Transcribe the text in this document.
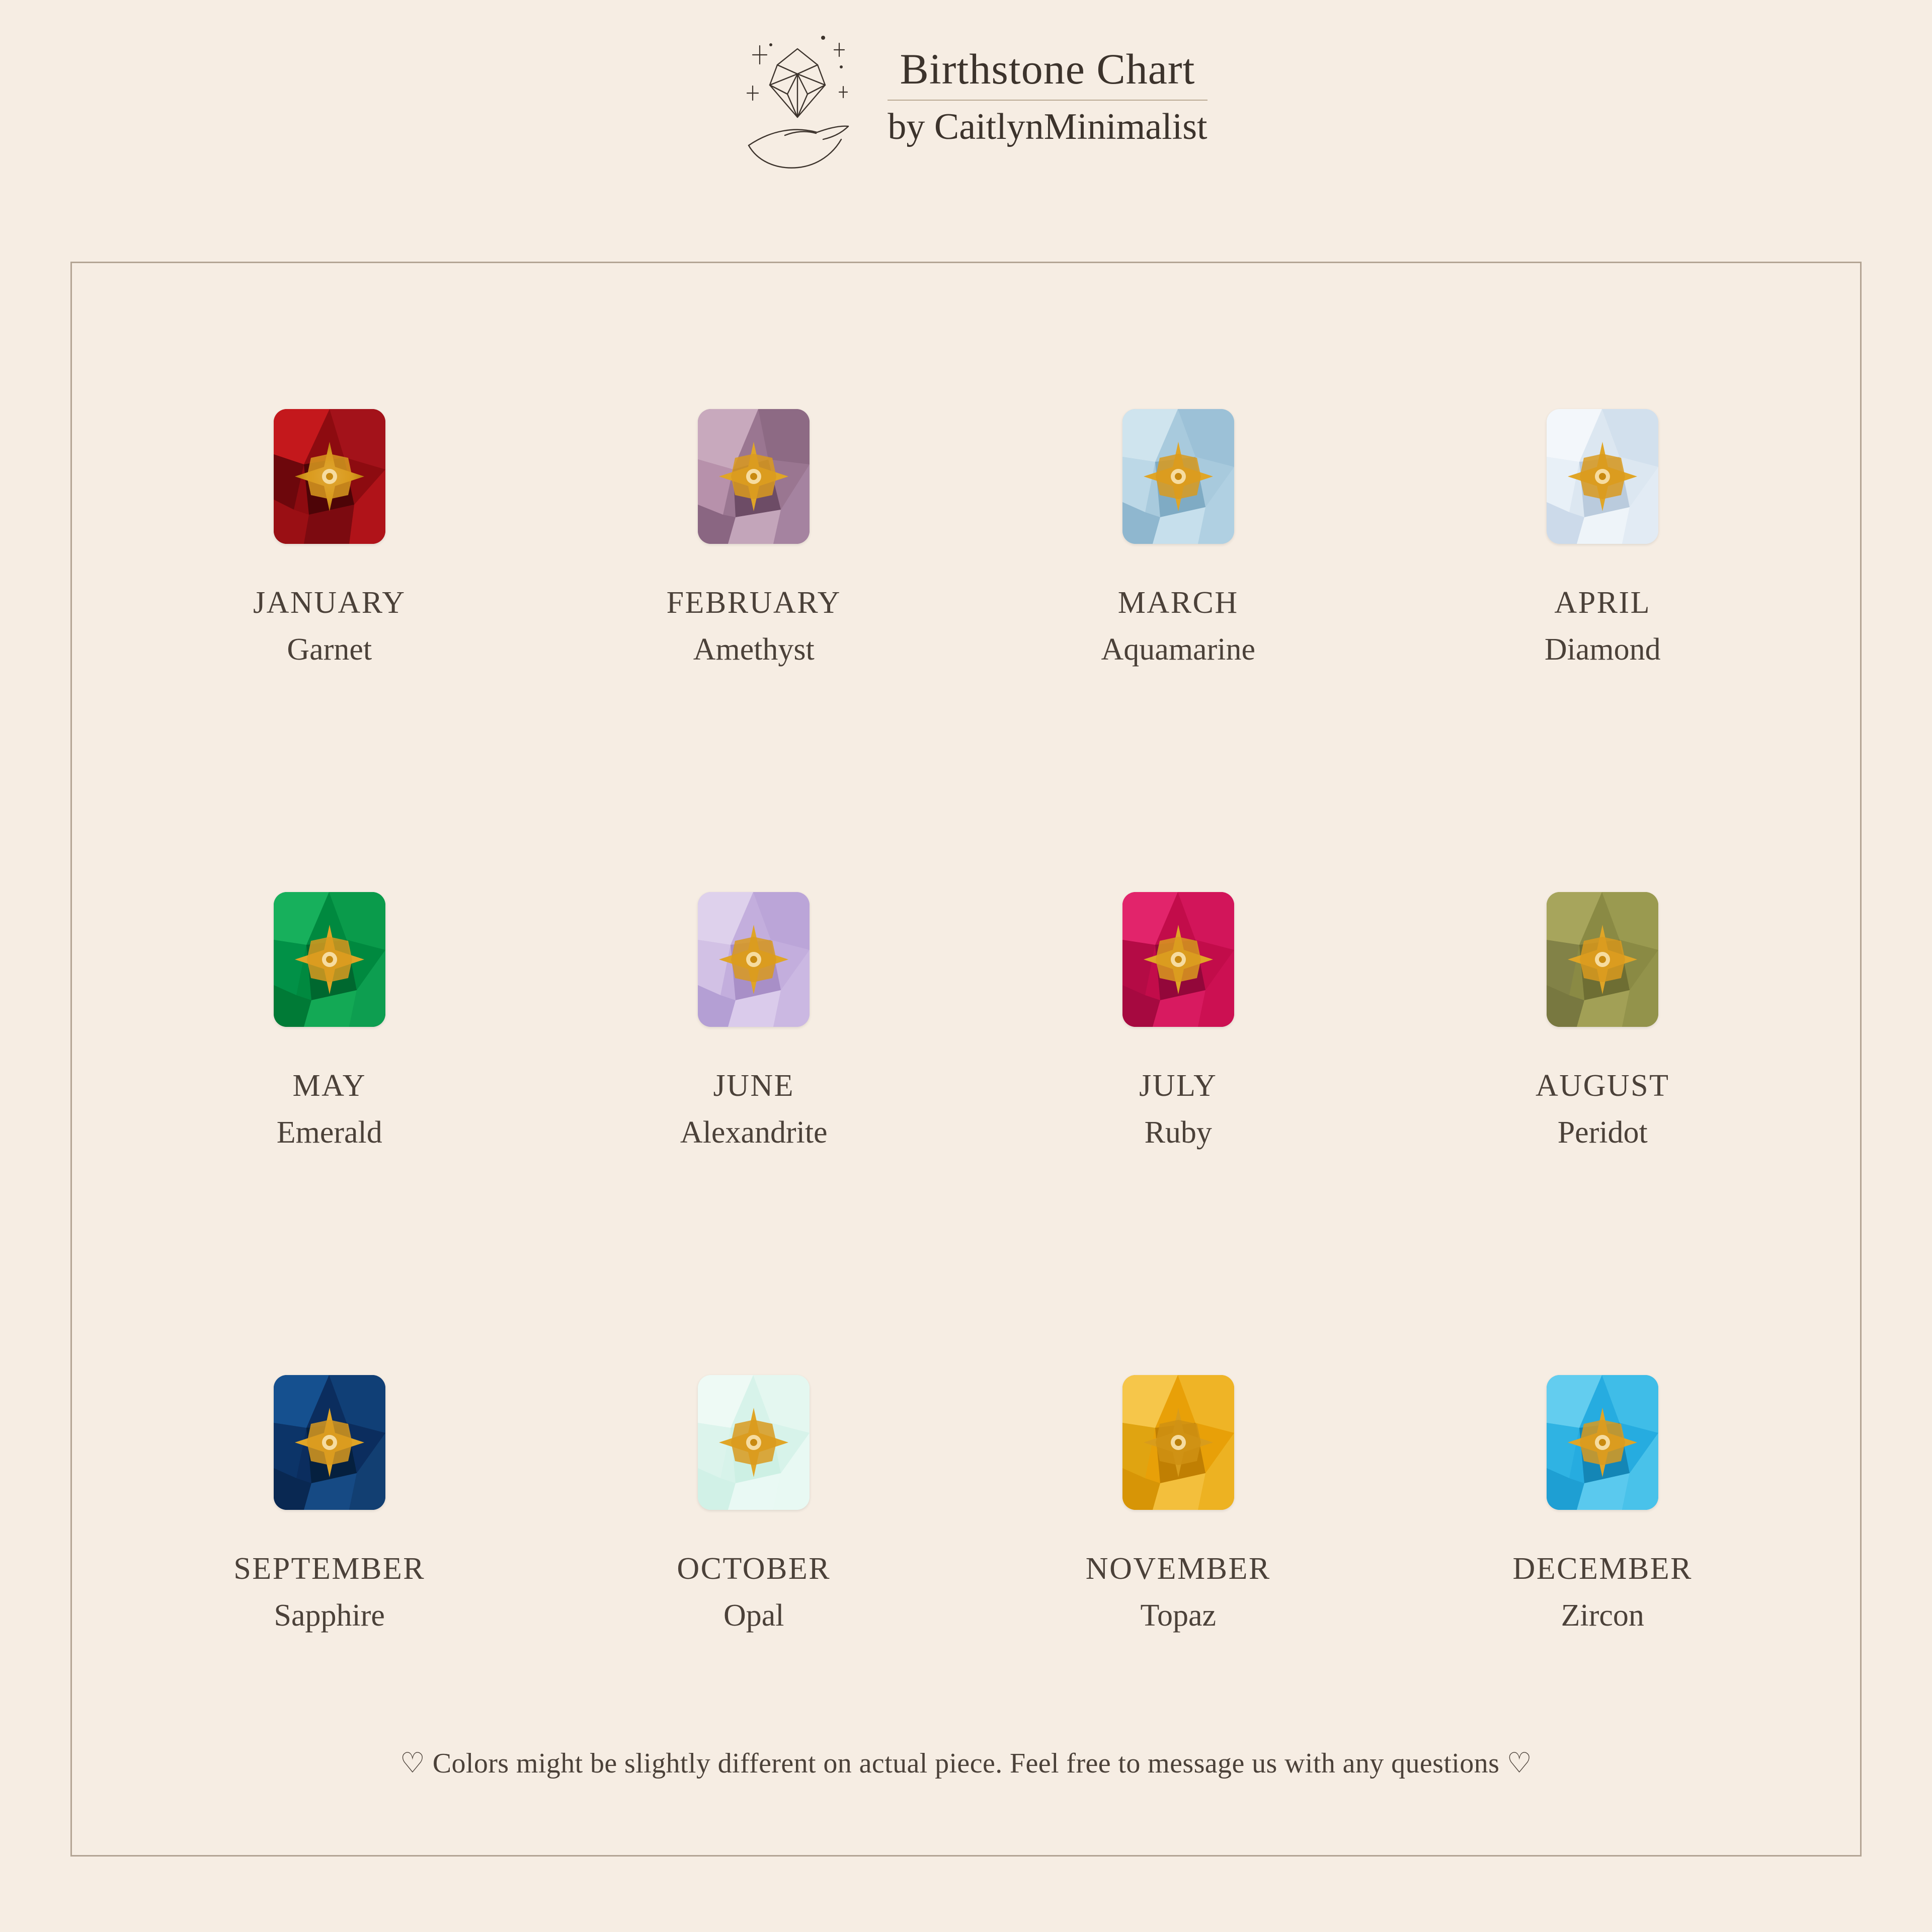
Birthstone Chart
by CaitlynMinimalist
JANUARY
Garnet
FEBRUARY
Amethyst
MARCH
Aquamarine
APRIL
Diamond
MAY
Emerald
JUNE
Alexandrite
JULY
Ruby
AUGUST
Peridot
SEPTEMBER
Sapphire
OCTOBER
Opal
NOVEMBER
Topaz
DECEMBER
Zircon
♡ Colors might be slightly different on actual piece. Feel free to message us with any questions ♡
